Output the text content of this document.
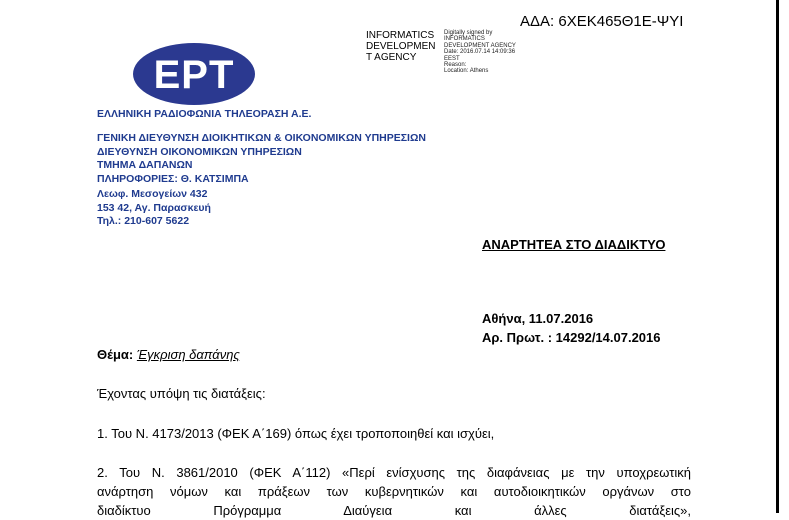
ΑΔΑ: 6ΧΕΚ465Θ1Ε-ΨΥΙ
INFORMATICS
DEVELOPMEN
T AGENCY
Digitally signed by
INFORMATICS
DEVELOPMENT AGENCY
Date: 2016.07.14 14:09:36
EEST
Reason:
Location: Athens
ΕΡΤ
ΕΛΛΗΝΙΚΗ ΡΑΔΙΟΦΩΝΙΑ ΤΗΛΕΟΡΑΣΗ Α.Ε.
ΓΕΝΙΚΗ ΔΙΕΥΘΥΝΣΗ ΔΙΟΙΚΗΤΙΚΩΝ & ΟΙΚΟΝΟΜΙΚΩΝ ΥΠΗΡΕΣΙΩΝ
ΔΙΕΥΘΥΝΣΗ ΟΙΚΟΝΟΜΙΚΩΝ ΥΠΗΡΕΣΙΩΝ
ΤΜΗΜΑ ΔΑΠΑΝΩΝ
ΠΛΗΡΟΦΟΡΙΕΣ: Θ. ΚΑΤΣΙΜΠΑ
Λεωφ. Μεσογείων 432
153 42, Αγ. Παρασκευή
Τηλ.: 210-607 5622
ΑΝΑΡΤΗΤΕΑ ΣΤΟ ΔΙΑΔΙΚΤΥΟ
Αθήνα, 11.07.2016
Αρ. Πρωτ. : 14292/14.07.2016
Θέμα: Έγκριση δαπάνης
Έχοντας υπόψη τις διατάξεις:
1. Του Ν. 4173/2013 (ΦΕΚ Α΄169) όπως έχει τροποποιηθεί και ισχύει,
2. Του Ν. 3861/2010 (ΦΕΚ Α΄112) «Περί ενίσχυσης της διαφάνειας με την υποχρεωτική
ανάρτηση νόμων και πράξεων των κυβερνητικών και αυτοδιοικητικών οργάνων στο
διαδίκτυο Πρόγραμμα Διαύγεια και άλλες διατάξεις»,
